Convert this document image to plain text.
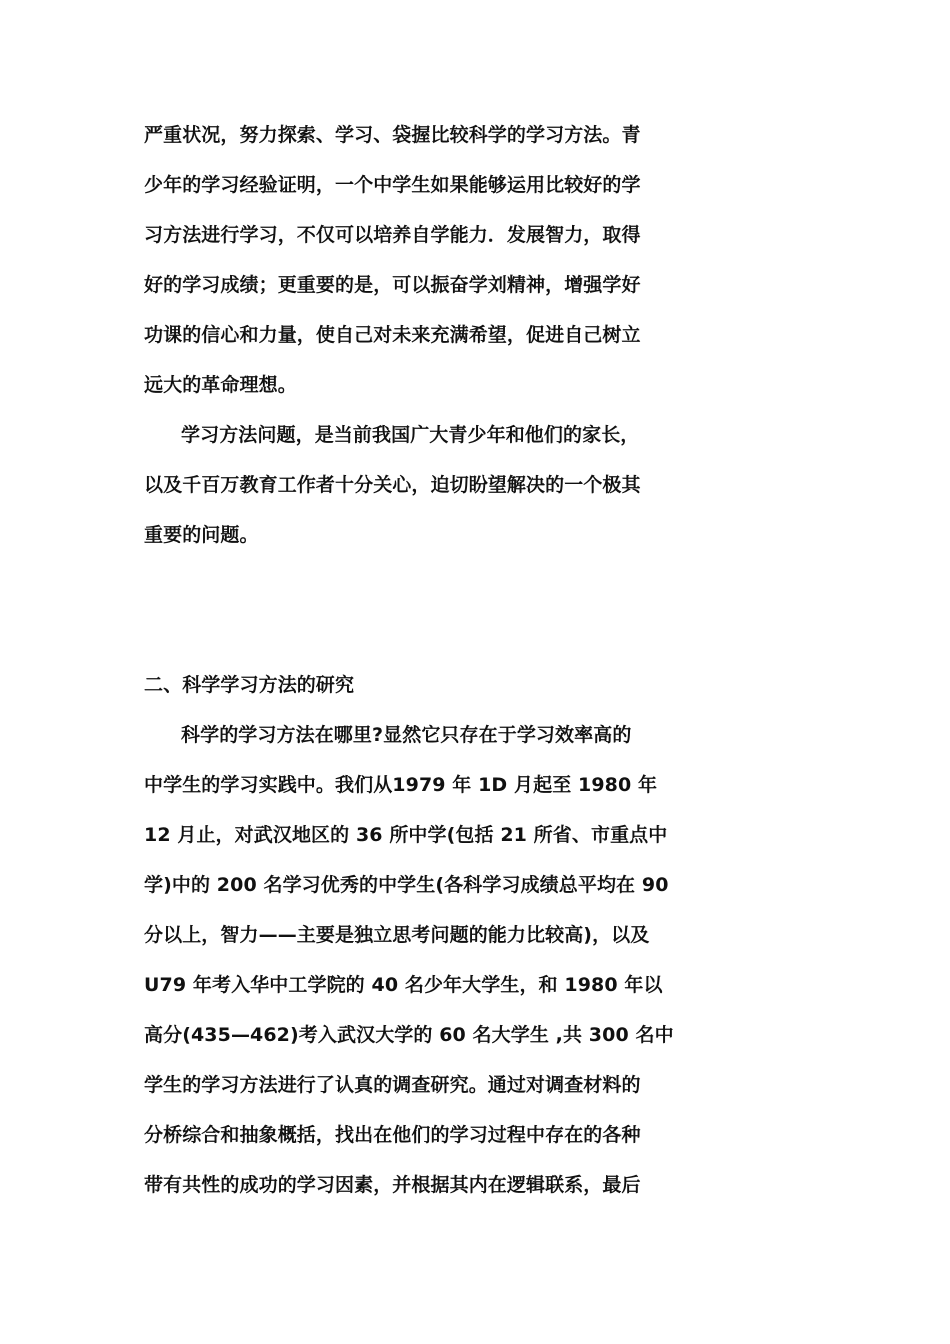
严重状况，努力探索、学习、袋握比较科学的学习方法。青
少年的学习经验证明，一个中学生如果能够运用比较好的学
习方法进行学习，不仅可以培养自学能力．发展智力，取得
好的学习成绩；更重要的是，可以振奋学刘精神，增强学好
功课的信心和力量，使自己对未来充满希望，促进自己树立
远大的革命理想。
学习方法问题，是当前我国广大青少年和他们的家长，
以及千百万教育工作者十分关心，迫切盼望解决的一个极其
重要的问题。
二、科学学习方法的研究
科学的学习方法在哪里?显然它只存在于学习效率高的
中学生的学习实践中。我们从1979 年 1D 月起至 1980 年
12 月止，对武汉地区的 36 所中学(包括 21 所省、市重点中
学)中的 200 名学习优秀的中学生(各科学习成绩总平均在 90
分以上，智力——主要是独立思考问题的能力比较高)，以及
U79 年考入华中工学院的 40 名少年大学生，和 1980 年以
高分(435—462)考入武汉大学的 60 名大学生 ,共 300 名中
学生的学习方法进行了认真的调查研究。通过对调查材料的
分桥综合和抽象概括，找出在他们的学习过程中存在的各种
带有共性的成功的学习因素，并根据其内在逻辑联系，最后
